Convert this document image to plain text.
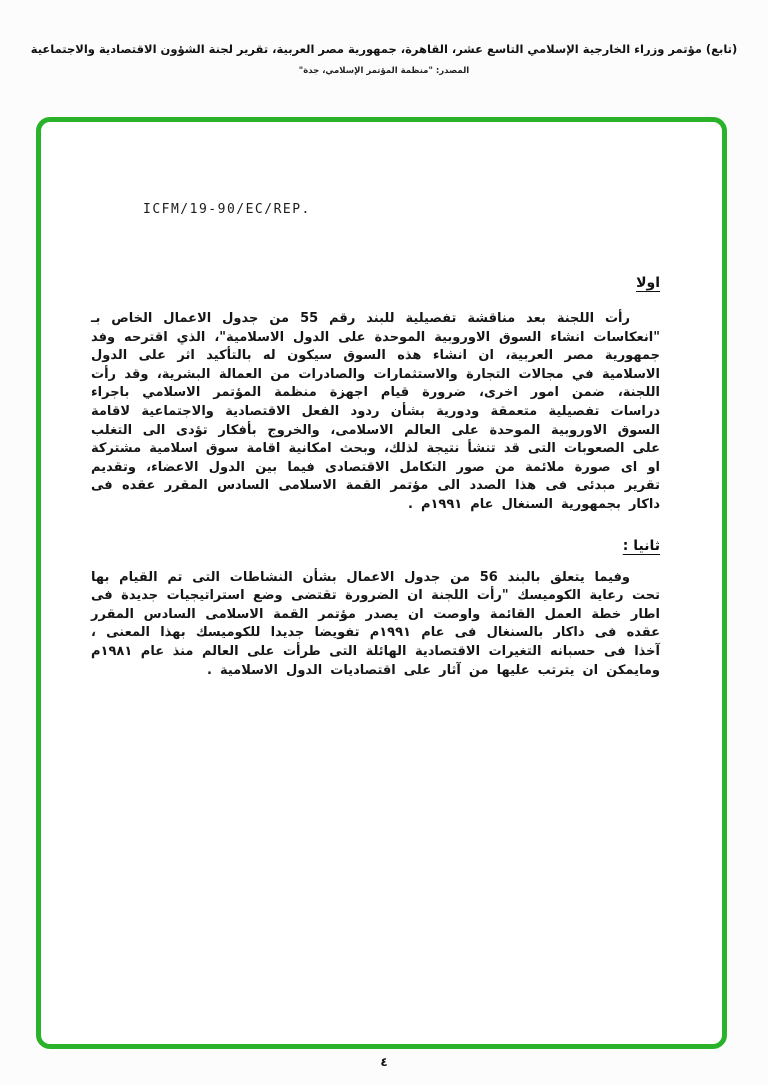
(تابع) مؤتمر وزراء الخارجية الإسلامي التاسع عشر، القاهرة، جمهورية مصر العربية، تقرير لجنة الشؤون الاقتصادية والاجتماعية
المصدر: "منظمة المؤتمر الإسلامي، جدة"
ICFM/19-90/EC/REP.
اولا

رأت اللجنة بعد مناقشة تفصيلية للبند رقم 55 من جدول الاعمال الخاص بـ "انعكاسات انشاء السوق الاوروبية الموحدة على الدول الاسلامية"، الذي اقترحه وفد جمهورية مصر العربية، ان انشاء هذه السوق سيكون له بالتأكيد اثر على الدول الاسلامية في مجالات التجارة والاستثمارات والصادرات من العمالة البشرية، وقد رأت اللجنة، ضمن امور اخرى، ضرورة قيام اجهزة منظمة المؤتمر الاسلامي باجراء دراسات تفصيلية متعمقة ودورية بشأن ردود الفعل الاقتصادية والاجتماعية لاقامة السوق الاوروبية الموحدة على العالم الاسلامى، والخروج بأفكار تؤدى الى التغلب على الصعوبات التى قد تنشأ نتيجة لذلك، وبحث امكانية اقامة سوق اسلامية مشتركة او اى صورة ملائمة من صور التكامل الاقتصادى فيما بين الدول الاعضاء، وتقديم تقرير مبدئى فى هذا الصدد الى مؤتمر القمة الاسلامى السادس المقرر عقده فى داكار بجمهورية السنغال عام ١٩٩١م .

ثانيا :

وفيما يتعلق بالبند 56 من جدول الاعمال بشأن النشاطات التى تم القيام بها تحت رعاية الكوميسك "رأت اللجنة ان الضرورة تقتضى وضع استراتيجيات جديدة فى اطار خطة العمل القائمة واوصت ان يصدر مؤتمر القمة الاسلامى السادس المقرر عقده فى داكار بالسنغال فى عام ١٩٩١م تفويضا جديدا للكوميسك بهذا المعنى ، آخذا فى حسبانه التغيرات الاقتصادية الهائلة التى طرأت على العالم منذ عام ١٩٨١م ومايمكن ان يترتب عليها من آثار على اقتصاديات الدول الاسلامية .

٤
